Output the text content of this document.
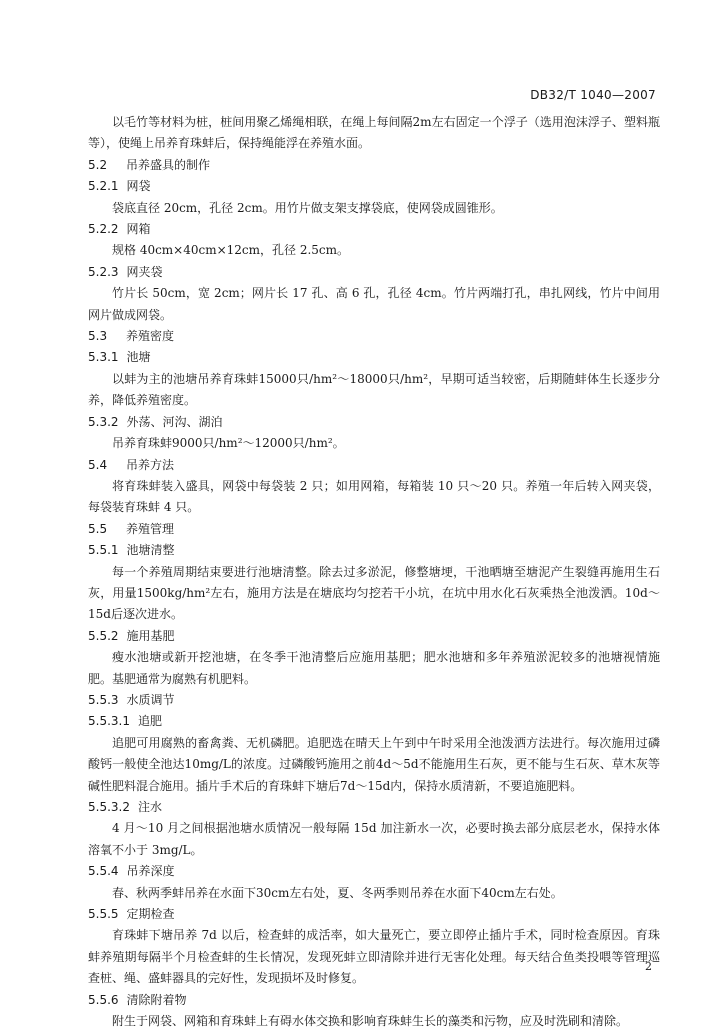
DB32/T 1040—2007

以毛竹等材料为桩，桩间用聚乙烯绳相联，在绳上每间隔2m左右固定一个浮子（选用泡沫浮子、塑料瓶等），使绳上吊养育珠蚌后，保持绳能浮在养殖水面。

5.2 吊养盛具的制作

5.2.1 网袋

袋底直径 20cm，孔径 2cm。用竹片做支架支撑袋底，使网袋成圆锥形。

5.2.2 网箱

规格 40cm×40cm×12cm，孔径 2.5cm。

5.2.3 网夹袋

竹片长 50cm，宽 2cm；网片长 17 孔、高 6 孔，孔径 4cm。竹片两端打孔，串扎网线，竹片中间用网片做成网袋。

5.3 养殖密度

5.3.1 池塘

以蚌为主的池塘吊养育珠蚌15000只/hm²～18000只/hm²，早期可适当较密，后期随蚌体生长逐步分养，降低养殖密度。

5.3.2 外荡、河沟、湖泊

吊养育珠蚌9000只/hm²～12000只/hm²。

5.4 吊养方法

将育珠蚌装入盛具，网袋中每袋装 2 只；如用网箱，每箱装 10 只～20 只。养殖一年后转入网夹袋，每袋装育珠蚌 4 只。

5.5 养殖管理

5.5.1 池塘清整

每一个养殖周期结束要进行池塘清整。除去过多淤泥，修整塘埂，干池晒塘至塘泥产生裂缝再施用生石灰，用量1500kg/hm²左右，施用方法是在塘底均匀挖若干小坑，在坑中用水化石灰乘热全池泼洒。10d～15d后逐次进水。

5.5.2 施用基肥

瘦水池塘或新开挖池塘，在冬季干池清整后应施用基肥；肥水池塘和多年养殖淤泥较多的池塘视情施肥。基肥通常为腐熟有机肥料。

5.5.3 水质调节

5.5.3.1 追肥

追肥可用腐熟的畜禽粪、无机磷肥。追肥选在晴天上午到中午时采用全池泼洒方法进行。每次施用过磷酸钙一般使全池达10mg/L的浓度。过磷酸钙施用之前4d～5d不能施用生石灰，更不能与生石灰、草木灰等碱性肥料混合施用。插片手术后的育珠蚌下塘后7d～15d内，保持水质清新，不要追施肥料。

5.5.3.2 注水

4 月～10 月之间根据池塘水质情况一般每隔 15d 加注新水一次，必要时换去部分底层老水，保持水体溶氧不小于 3mg/L。

5.5.4 吊养深度

春、秋两季蚌吊养在水面下30cm左右处，夏、冬两季则吊养在水面下40cm左右处。

5.5.5 定期检查

育珠蚌下塘吊养 7d 以后，检查蚌的成活率，如大量死亡，要立即停止插片手术，同时检查原因。育珠蚌养殖期每隔半个月检查蚌的生长情况，发现死蚌立即清除并进行无害化处理。每天结合鱼类投喂等管理巡查桩、绳、盛蚌器具的完好性，发现损坏及时修复。

5.5.6 清除附着物

附生于网袋、网箱和育珠蚌上有碍水体交换和影响育珠蚌生长的藻类和污物，应及时洗刷和清除。

2
